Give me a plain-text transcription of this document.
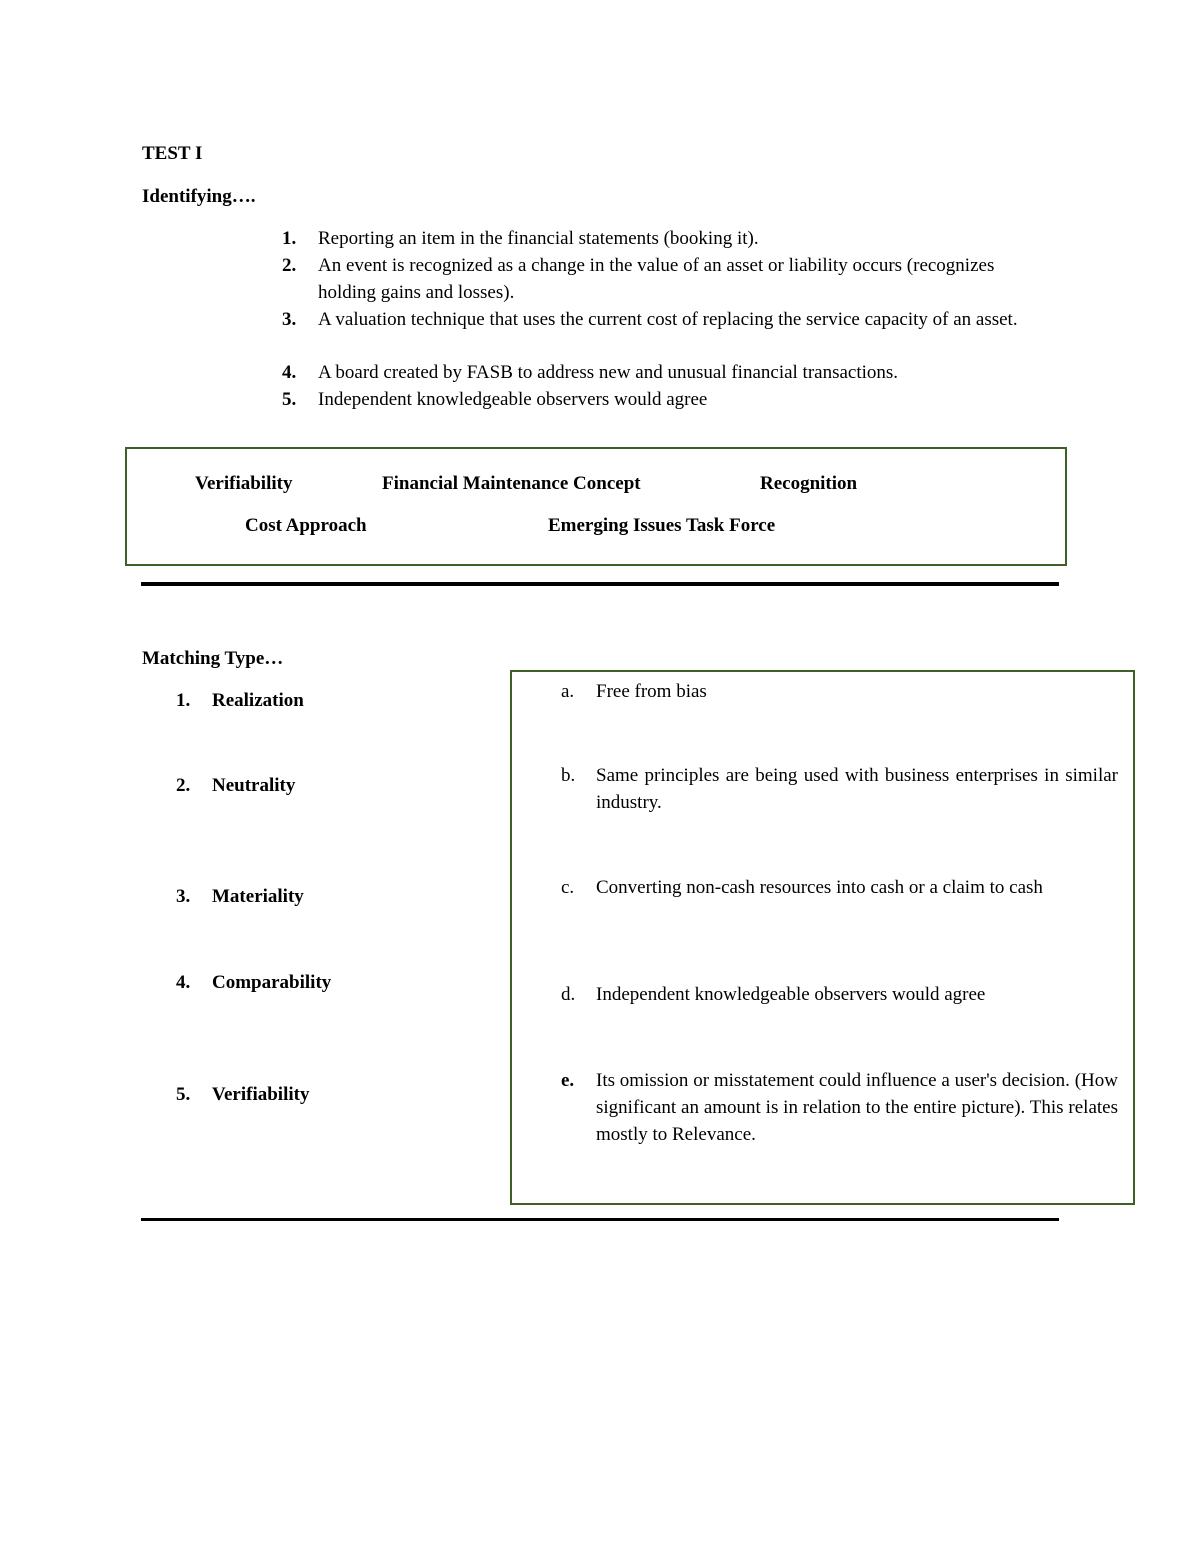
TEST I
Identifying….
1. Reporting an item in the financial statements (booking it).
2. An event is recognized as a change in the value of an asset or liability occurs (recognizes holding gains and losses).
3. A valuation technique that uses the current cost of replacing the service capacity of an asset.
4. A board created by FASB to address new and unusual financial transactions.
5. Independent knowledgeable observers would agree
Verifiability	Financial Maintenance Concept	Recognition
Cost Approach	Emerging Issues Task Force
Matching Type…
1. Realization
2. Neutrality
3. Materiality
4. Comparability
5. Verifiability
a. Free from bias
b. Same principles are being used with business enterprises in similar industry.
c. Converting non-cash resources into cash or a claim to cash
d. Independent knowledgeable observers would agree
e. Its omission or misstatement could influence a user's decision. (How significant an amount is in relation to the entire picture). This relates mostly to Relevance.
